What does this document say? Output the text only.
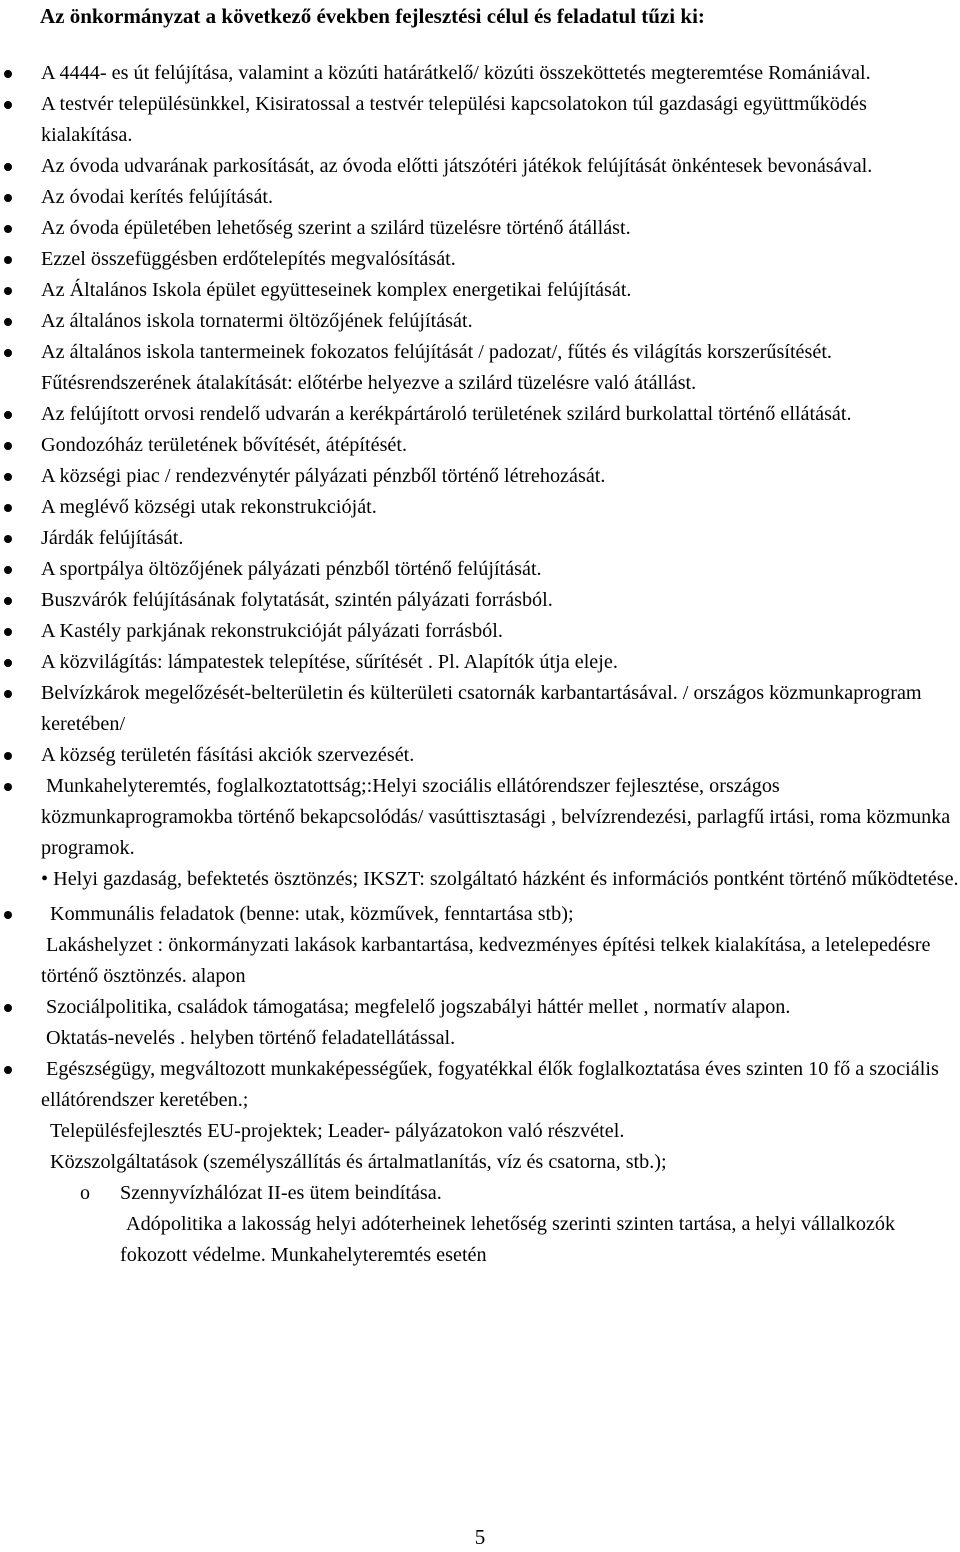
Az önkormányzat a következő években fejlesztési célul és feladatul tűzi ki:
A 4444- es út felújítása, valamint a közúti határátkelő/ közúti összeköttetés megteremtése Romániával.
A testvér településünkkel, Kisiratossal a testvér települési kapcsolatokon túl gazdasági együttműködés kialakítása.
Az óvoda udvarának parkosítását, az óvoda előtti játszótéri játékok felújítását önkéntesek bevonásával.
Az óvodai kerítés felújítását.
Az óvoda épületében lehetőség szerint a szilárd tüzelésre történő átállást.
Ezzel összefüggésben erdőtelepítés megvalósítását.
Az Általános Iskola épület együtteseinek komplex energetikai felújítását.
Az általános iskola tornatermi öltözőjének felújítását.
Az általános iskola tantermeinek fokozatos felújítását / padozat/, fűtés és világítás korszerűsítését. Fűtésrendszerének átalakítását: előtérbe helyezve a szilárd tüzelésre való átállást.
Az felújított orvosi rendelő udvarán a kerékpártároló területének szilárd burkolattal történő ellátását.
Gondozóház területének bővítését, átépítését.
A községi piac / rendezvénytér pályázati pénzből történő létrehozását.
A meglévő községi utak rekonstrukcióját.
Járdák felújítását.
A sportpálya öltözőjének pályázati pénzből történő felújítását.
Buszvárók felújításának folytatását, szintén pályázati forrásból.
A Kastély parkjának rekonstrukcióját pályázati forrásból.
A közvilágítás: lámpatestek telepítése, sűrítését . Pl. Alapítók útja eleje.
Belvízkárok megelőzését-belterületin és külterületi csatornák karbantartásával. / országos közmunkaprogram keretében/
A község területén fásítási akciók szervezését.
Munkahelyteremtés, foglalkoztatottság;:Helyi szociális ellátórendszer fejlesztése, országos közmunkaprogramokba történő bekapcsolódás/ vasúttisztasági , belvízrendezési, parlagfű irtási, roma közmunka programok.
• Helyi gazdaság, befektetés ösztönzés; IKSZT: szolgáltató házként és információs pontként történő működtetése.
Kommunális feladatok (benne: utak, közművek, fenntartása stb);
Lakáshelyzet : önkormányzati lakások karbantartása, kedvezményes építési telkek kialakítása, a letelepedésre történő ösztönzés. alapon
Szociálpolitika, családok támogatása; megfelelő jogszabályi háttér mellet , normatív alapon.
Oktatás-nevelés . helyben történő feladatellátással.
Egészségügy, megváltozott munkaképességűek, fogyatékkal élők foglalkoztatása éves szinten 10 fő a szociális ellátórendszer keretében.;
Településfejlesztés EU-projektek; Leader- pályázatokon való részvétel.
Közszolgáltatások (személyszállítás és ártalmatlanítás, víz és csatorna, stb.);
o Szennyvízhálózat II-es ütem beindítása.
Adópolitika a lakosság helyi adóterheinek lehetőség szerinti szinten tartása, a helyi vállalkozók fokozott védelme. Munkahelyteremtés esetén
5
